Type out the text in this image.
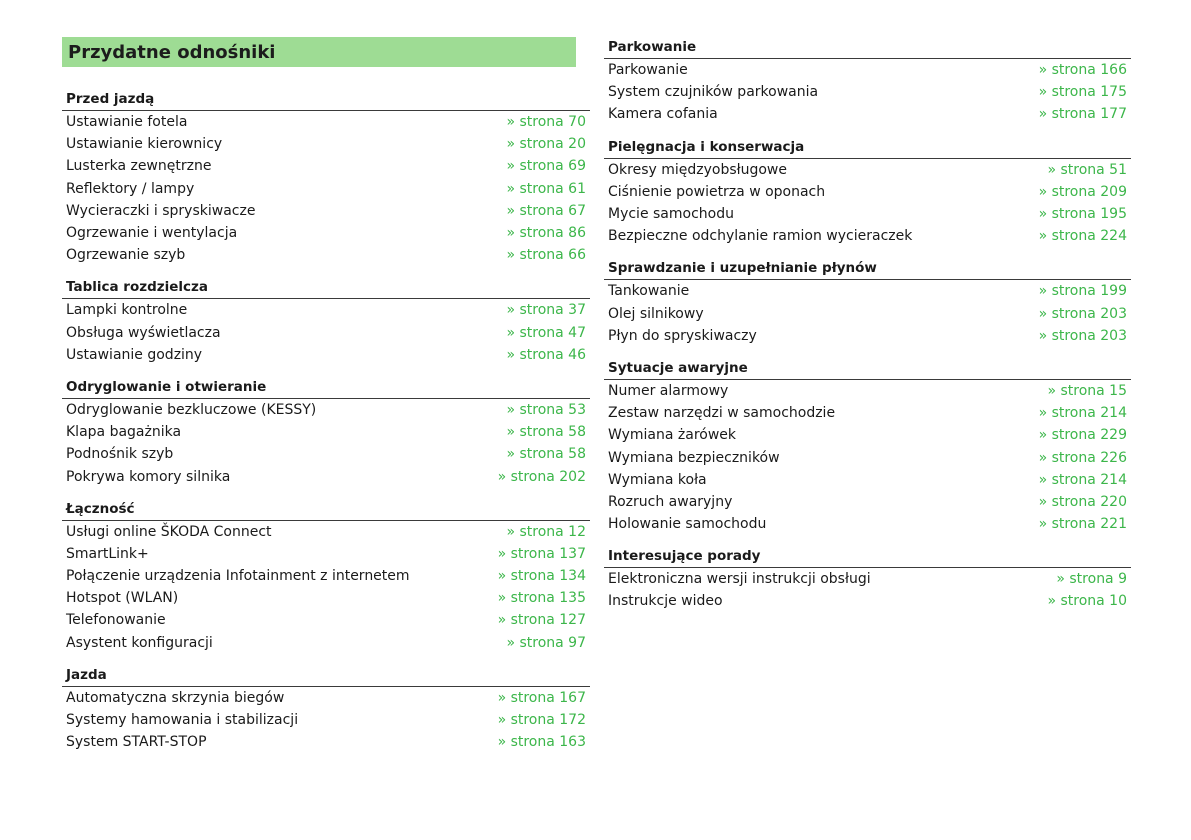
Przydatne odnośniki
Przed jazdą
Ustawianie fotela	» strona 70
Ustawianie kierownicy	» strona 20
Lusterka zewnętrzne	» strona 69
Reflektory / lampy	» strona 61
Wycieraczki i spryskiwacze	» strona 67
Ogrzewanie i wentylacja	» strona 86
Ogrzewanie szyb	» strona 66
Tablica rozdzielcza
Lampki kontrolne	» strona 37
Obsługa wyświetlacza	» strona 47
Ustawianie godziny	» strona 46
Odryglowanie i otwieranie
Odryglowanie bezkluczowe (KESSY)	» strona 53
Klapa bagażnika	» strona 58
Podnośnik szyb	» strona 58
Pokrywa komory silnika	» strona 202
Łączność
Usługi online ŠKODA Connect	» strona 12
SmartLink+	» strona 137
Połączenie urządzenia Infotainment z internetem	» strona 134
Hotspot (WLAN)	» strona 135
Telefonowanie	» strona 127
Asystent konfiguracji	» strona 97
Jazda
Automatyczna skrzynia biegów	» strona 167
Systemy hamowania i stabilizacji	» strona 172
System START-STOP	» strona 163
Parkowanie
Parkowanie	» strona 166
System czujników parkowania	» strona 175
Kamera cofania	» strona 177
Pielęgnacja i konserwacja
Okresy międzyobsługowe	» strona 51
Ciśnienie powietrza w oponach	» strona 209
Mycie samochodu	» strona 195
Bezpieczne odchylanie ramion wycieraczek	» strona 224
Sprawdzanie i uzupełnianie płynów
Tankowanie	» strona 199
Olej silnikowy	» strona 203
Płyn do spryskiwaczy	» strona 203
Sytuacje awaryjne
Numer alarmowy	» strona 15
Zestaw narzędzi w samochodzie	» strona 214
Wymiana żarówek	» strona 229
Wymiana bezpieczników	» strona 226
Wymiana koła	» strona 214
Rozruch awaryjny	» strona 220
Holowanie samochodu	» strona 221
Interesujące porady
Elektroniczna wersji instrukcji obsługi	» strona 9
Instrukcje wideo	» strona 10
